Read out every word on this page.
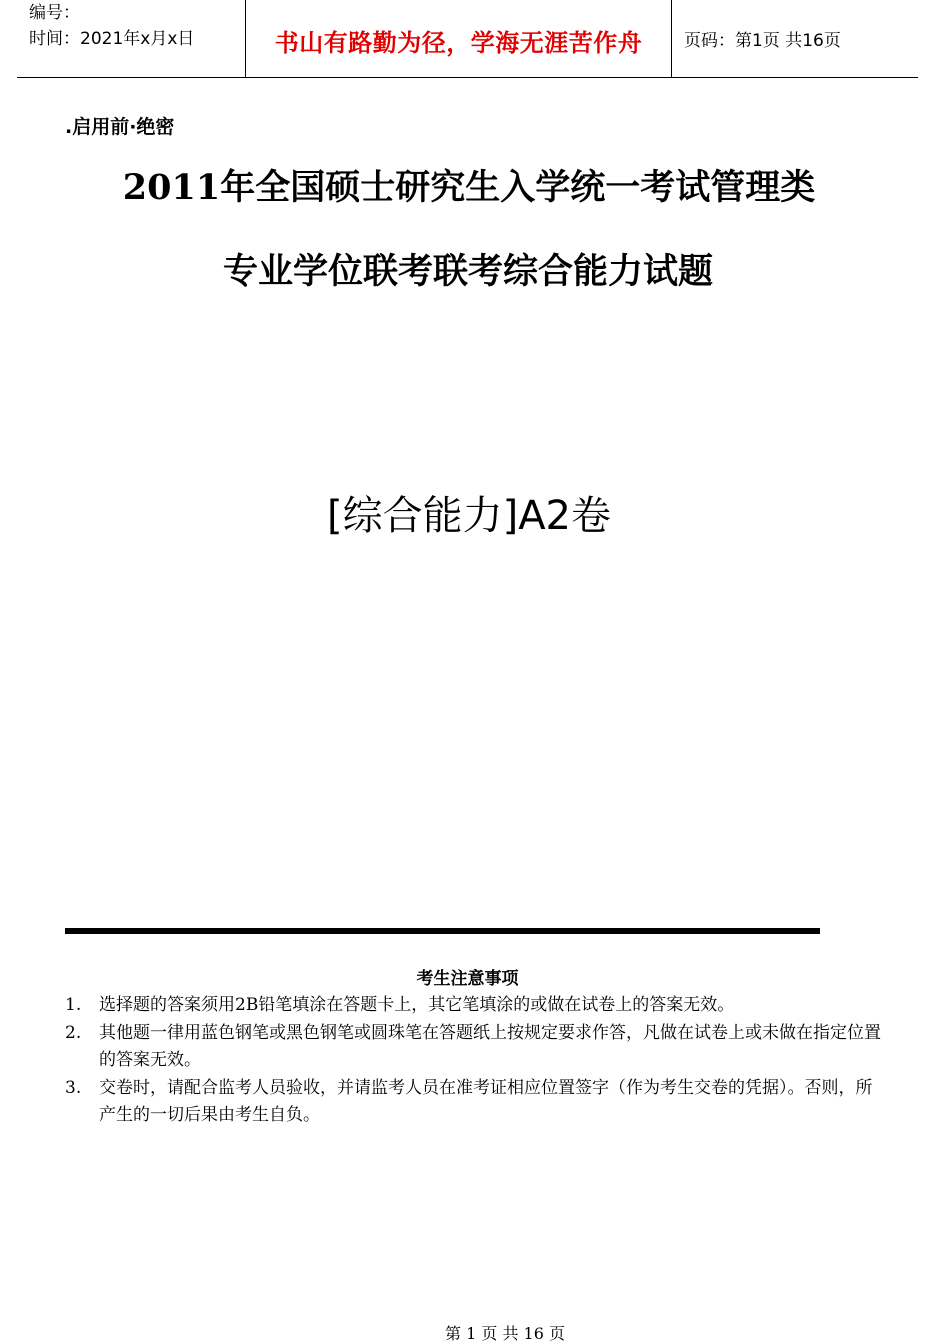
编号：
时间：2021年x月x日	书山有路勤为径，学海无涯苦作舟 页码：第1页 共16页
.启用前·绝密
2011年全国硕士研究生入学统一考试管理类
专业学位联考联考综合能力试题
[综合能力]A2卷
考生注意事项
1.	选择题的答案须用2B铅笔填涂在答题卡上，其它笔填涂的或做在试卷上的答案无效。
2.	其他题一律用蓝色钢笔或黑色钢笔或圆珠笔在答题纸上按规定要求作答，凡做在试卷上或未做在指定位置的答案无效。
3.	交卷时，请配合监考人员验收，并请监考人员在准考证相应位置签字（作为考生交卷的凭据）。否则，所产生的一切后果由考生自负。
第 1 页 共 16 页
